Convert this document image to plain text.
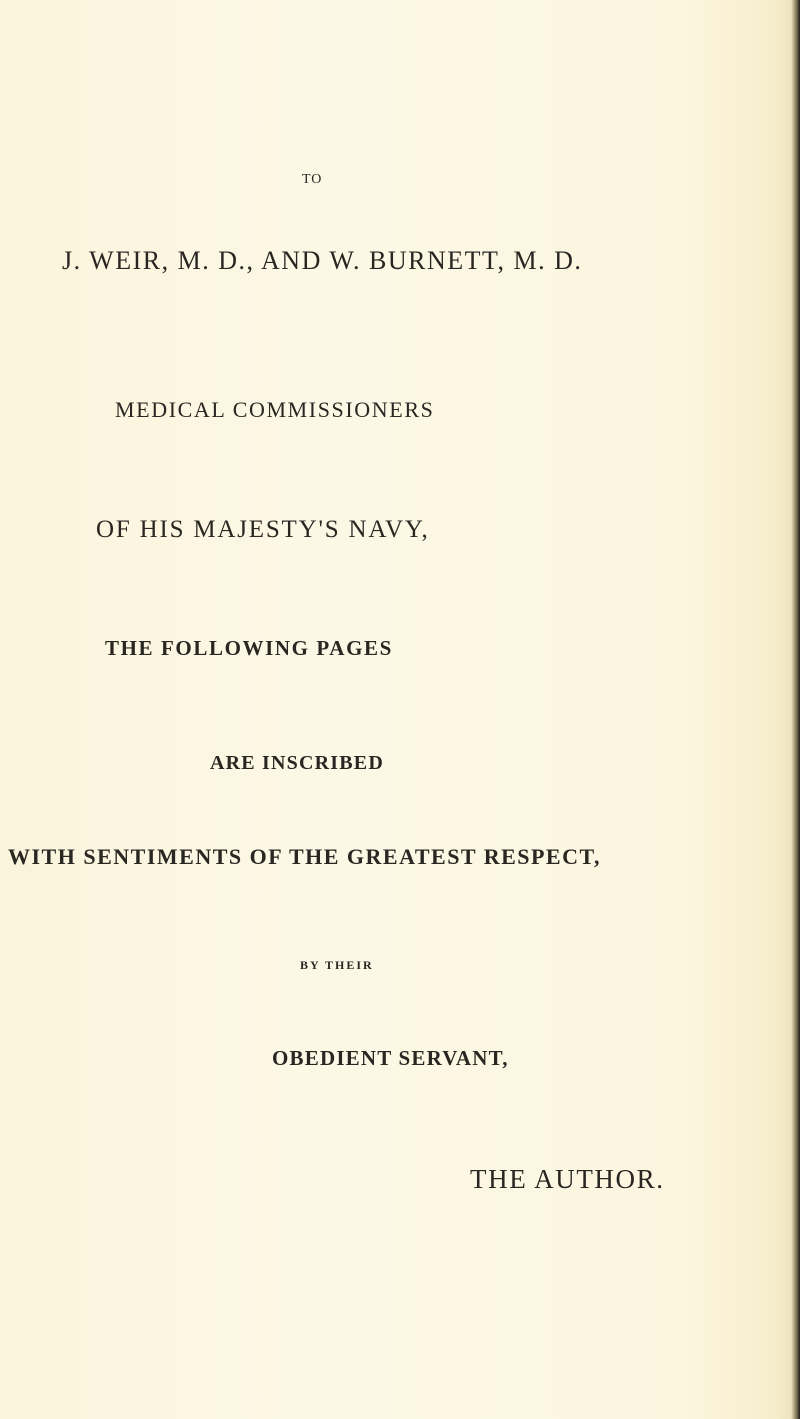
TO
J. WEIR, M. D., AND W. BURNETT, M. D.
MEDICAL COMMISSIONERS
OF HIS MAJESTY'S NAVY,
THE FOLLOWING PAGES
ARE INSCRIBED
WITH SENTIMENTS OF THE GREATEST RESPECT,
BY THEIR
OBEDIENT SERVANT,
THE AUTHOR.
